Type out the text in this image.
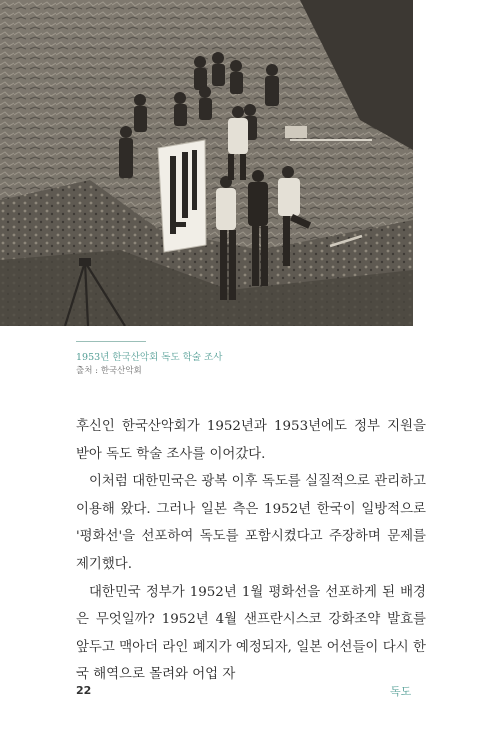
1953년 한국산악회 독도 학술 조사
출처 : 한국산악회

후신인 한국산악회가 1952년과 1953년에도 정부 지원을 받아 독도 학술 조사를 이어갔다.

이처럼 대한민국은 광복 이후 독도를 실질적으로 관리하고 이용해 왔다. 그러나 일본 측은 1952년 한국이 일방적으로 '평화선'을 선포하여 독도를 포함시켰다고 주장하며 문제를 제기했다.

대한민국 정부가 1952년 1월 평화선을 선포하게 된 배경은 무엇일까? 1952년 4월 샌프란시스코 강화조약 발효를 앞두고 맥아더 라인 폐지가 예정되자, 일본 어선들이 다시 한국 해역으로 몰려와 어업 자

22	독도
